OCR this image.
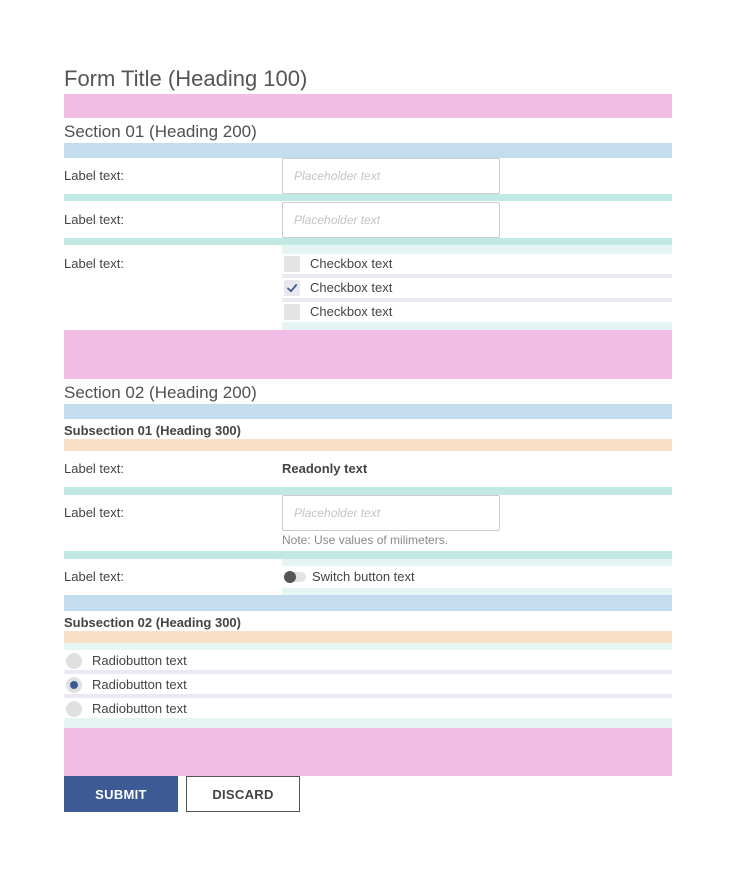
Form Title (Heading 100)
Section 01 (Heading 200)
Label text:
Placeholder text
Label text:
Placeholder text
Label text:	Checkbox text
Checkbox text
Checkbox text
Section 02 (Heading 200)
Subsection 01 (Heading 300)
Label text:	Readonly text
Label text:
Placeholder text
Note: Use values of milimeters.
Label text:	Switch button text
Subsection 02 (Heading 300)
Radiobutton text
Radiobutton text
Radiobutton text
SUBMIT	DISCARD
